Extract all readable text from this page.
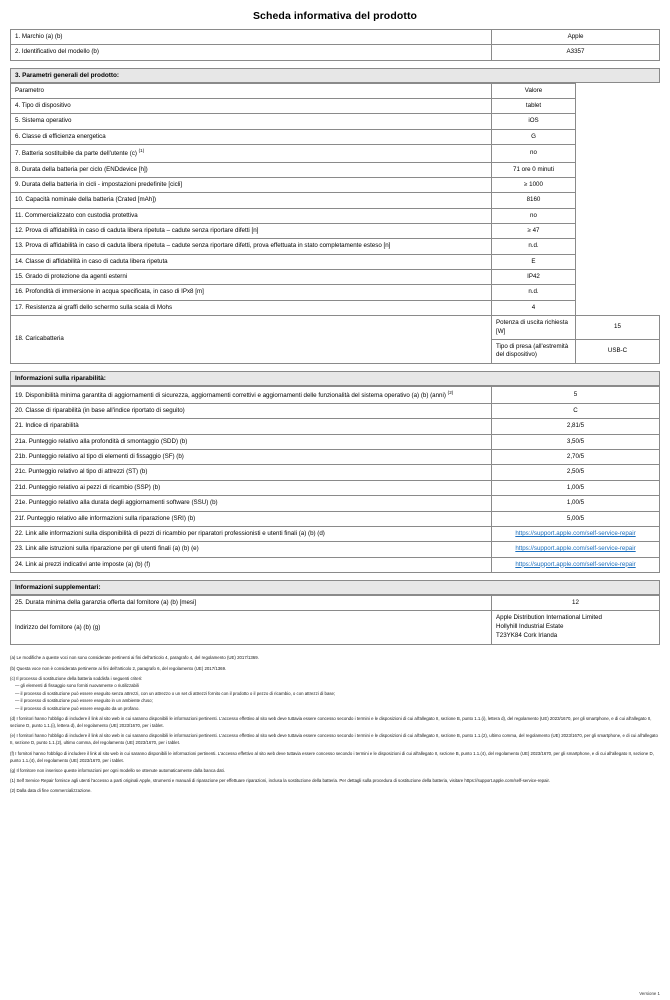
Scheda informativa del prodotto
1. Marchio (a) (b)	Apple
2. Identificativo del modello (b)	A3357
3. Parametri generali del prodotto:
Parametro	Valore	
4. Tipo di dispositivo	tablet	
5. Sistema operativo	iOS	
6. Classe di efficienza energetica	G	
7. Batteria sostituibile da parte dell'utente (c) $^{(1)}$	no	
8. Durata della batteria per ciclo (ENDdevice [h])	71 ore 0 minuti	
9. Durata della batteria in cicli - impostazioni predefinite [cicli]	≥ 1000	
10. Capacità nominale della batteria (Crated [mAh])	8160	
11. Commercializzato con custodia protettiva	no	
12. Prova di affidabilità in caso di caduta libera ripetuta – cadute senza riportare difetti [n]	≥ 47	
13. Prova di affidabilità in caso di caduta libera ripetuta – cadute senza riportare difetti, prova effettuata in stato completamente esteso [n]	n.d.	
14. Classe di affidabilità in caso di caduta libera ripetuta	E	
15. Grado di protezione da agenti esterni	IP42	
16. Profondità di immersione in acqua specificata, in caso di IPx8 [m]	n.d.	
17. Resistenza ai graffi dello schermo sulla scala di Mohs	4	
18. Caricabatteria	Potenza di uscita richiesta [W]	15
	Tipo di presa (all'estremità del dispositivo)	USB-C
Informazioni sulla riparabilità:
19. Disponibilità minima garantita di aggiornamenti di sicurezza, aggiornamenti correttivi e aggiornamenti delle funzionalità del sistema operativo (a) (b) (anni) $^{(2)}$	5
20. Classe di riparabilità (in base all'indice riportato di seguito)	C
21. Indice di riparabilità	2,81/5
21a. Punteggio relativo alla profondità di smontaggio (SDD) (b)	3,50/5
21b. Punteggio relativo al tipo di elementi di fissaggio (SF) (b)	2,70/5
21c. Punteggio relativo al tipo di attrezzi (ST) (b)	2,50/5
21d. Punteggio relativo ai pezzi di ricambio (SSP) (b)	1,00/5
21e. Punteggio relativo alla durata degli aggiornamenti software (SSU) (b)	1,00/5
21f. Punteggio relativo alle informazioni sulla riparazione (SRI) (b)	5,00/5
22. Link alle informazioni sulla disponibilità di pezzi di ricambio per riparatori professionisti e utenti finali (a) (b) (d)	https://support.apple.com/self-service-repair
23. Link alle istruzioni sulla riparazione per gli utenti finali (a) (b) (e)	https://support.apple.com/self-service-repair
24. Link ai prezzi indicativi ante imposte (a) (b) (f)	https://support.apple.com/self-service-repair
Informazioni supplementari:
25. Durata minima della garanzia offerta dal fornitore (a) (b) [mesi]	12
Indirizzo del fornitore (a) (b) (g)	Apple Distribution International Limited
Hollyhill Industrial Estate
T23YK84 Cork Irlanda

(a) Le modifiche a queste voci non sono considerate pertinenti ai fini dell'articolo 4, paragrafo 4, del regolamento (UE) 2017/1369.

(b) Questa voce non è considerata pertinente ai fini dell'articolo 2, paragrafo 6, del regolamento (UE) 2017/1369.

(c) Il processo di sostituzione della batteria soddisfa i seguenti criteri:

— gli elementi di fissaggio sono forniti nuovamente o riutilizzabili

— il processo di sostituzione può essere eseguito senza attrezzi, con un attrezzo o un set di attrezzi fornito con il prodotto o il pezzo di ricambio, o con attrezzi di base;

— il processo di sostituzione può essere eseguito in un ambiente d'uso;

— il processo di sostituzione può essere eseguito da un profano.

(d) I fornitori hanno l'obbligo di includere il link al sito web in cui saranno disponibili le informazioni pertinenti. L'accesso effettivo al sito web deve tuttavia essere concesso secondo i termini e le disposizioni di cui all'allegato II, sezione B, punto 1.1.(i), lettera d), del regolamento (UE) 2023/1670, per gli smartphone, e di cui all'allegato II, sezione D, punto 1.1.(i), lettera d), del regolamento (UE) 2023/1670, per i tablet.

(e) I fornitori hanno l'obbligo di includere il link al sito web in cui saranno disponibili le informazioni pertinenti. L'accesso effettivo al sito web deve tuttavia essere concesso secondo i termini e le disposizioni di cui all'allegato II, sezione B, punto 1.1.(2), ultimo comma, del regolamento (UE) 2023/1670, per gli smartphone, e di cui all'allegato II, sezione D, punto 1.1.(2), ultimo comma, del regolamento (UE) 2023/1670, per i tablet.

(f) I fornitori hanno l'obbligo di includere il link al sito web in cui saranno disponibili le informazioni pertinenti. L'accesso effettivo al sito web deve tuttavia essere concesso secondo i termini e le disposizioni di cui all'allegato II, sezione B, punto 1.1.(4), del regolamento (UE) 2023/1670, per gli smartphone, e di cui all'allegato II, sezione D, punto 1.1.(4), del regolamento (UE) 2023/1670, per i tablet.

(g) Il fornitore non inserisce queste informazioni per ogni modello se ottenute automaticamente dalla banca dati.

(1) Self Service Repair fornisce agli utenti l'accesso a parti originali Apple, strumenti e manuali di riparazione per effettuare riparazioni, inclusa la sostituzione della batteria. Per dettagli sulla procedura di sostituzione della batteria, visitare https://support.apple.com/self-service-repair.

(2) Dalla data di fine commercializzazione.

Versione 1
